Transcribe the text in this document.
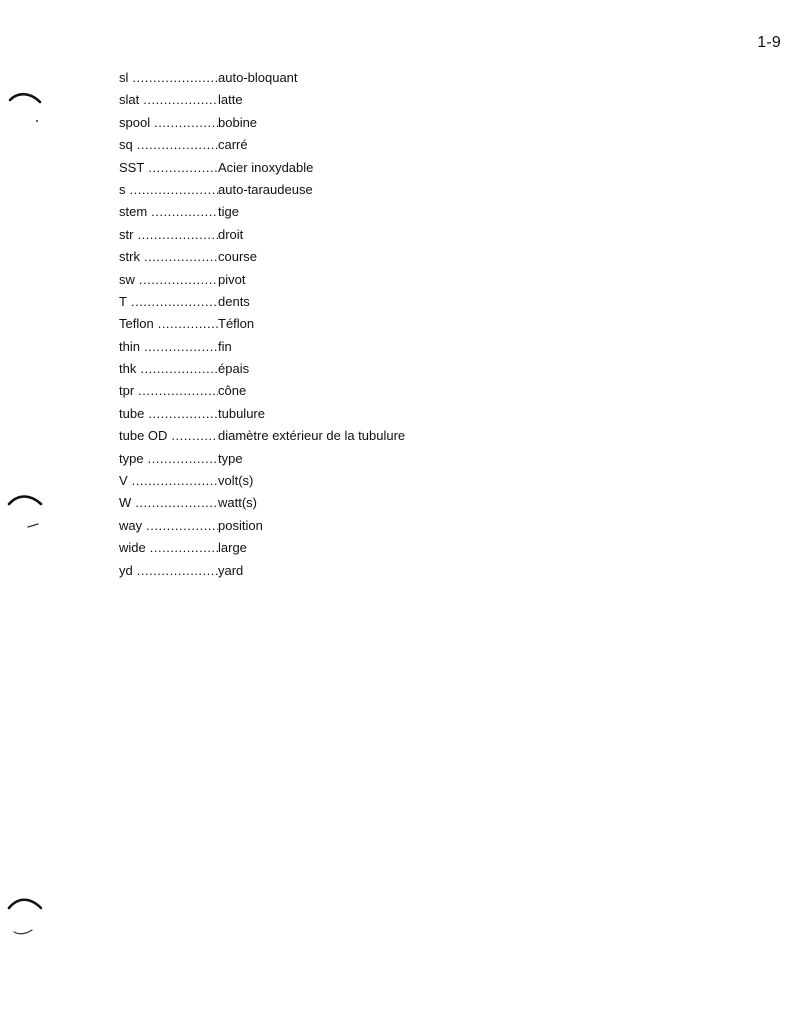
1-9
sl .....	auto-bloquant
slat .....	latte
spool .....	bobine
sq .....	carré
SST .....	Acier inoxydable
s .....	auto-taraudeuse
stem .....	tige
str .....	droit
strk .....	course
sw .....	pivot
T .....	dents
Teflon .....	Téflon
thin .....	fin
thk .....	épais
tpr .....	cône
tube .....	tubulure
tube OD .....	diamètre extérieur de la tubulure
type .....	type
V .....	volt(s)
W .....	watt(s)
way .....	position
wide .....	large
yd .....	yard
